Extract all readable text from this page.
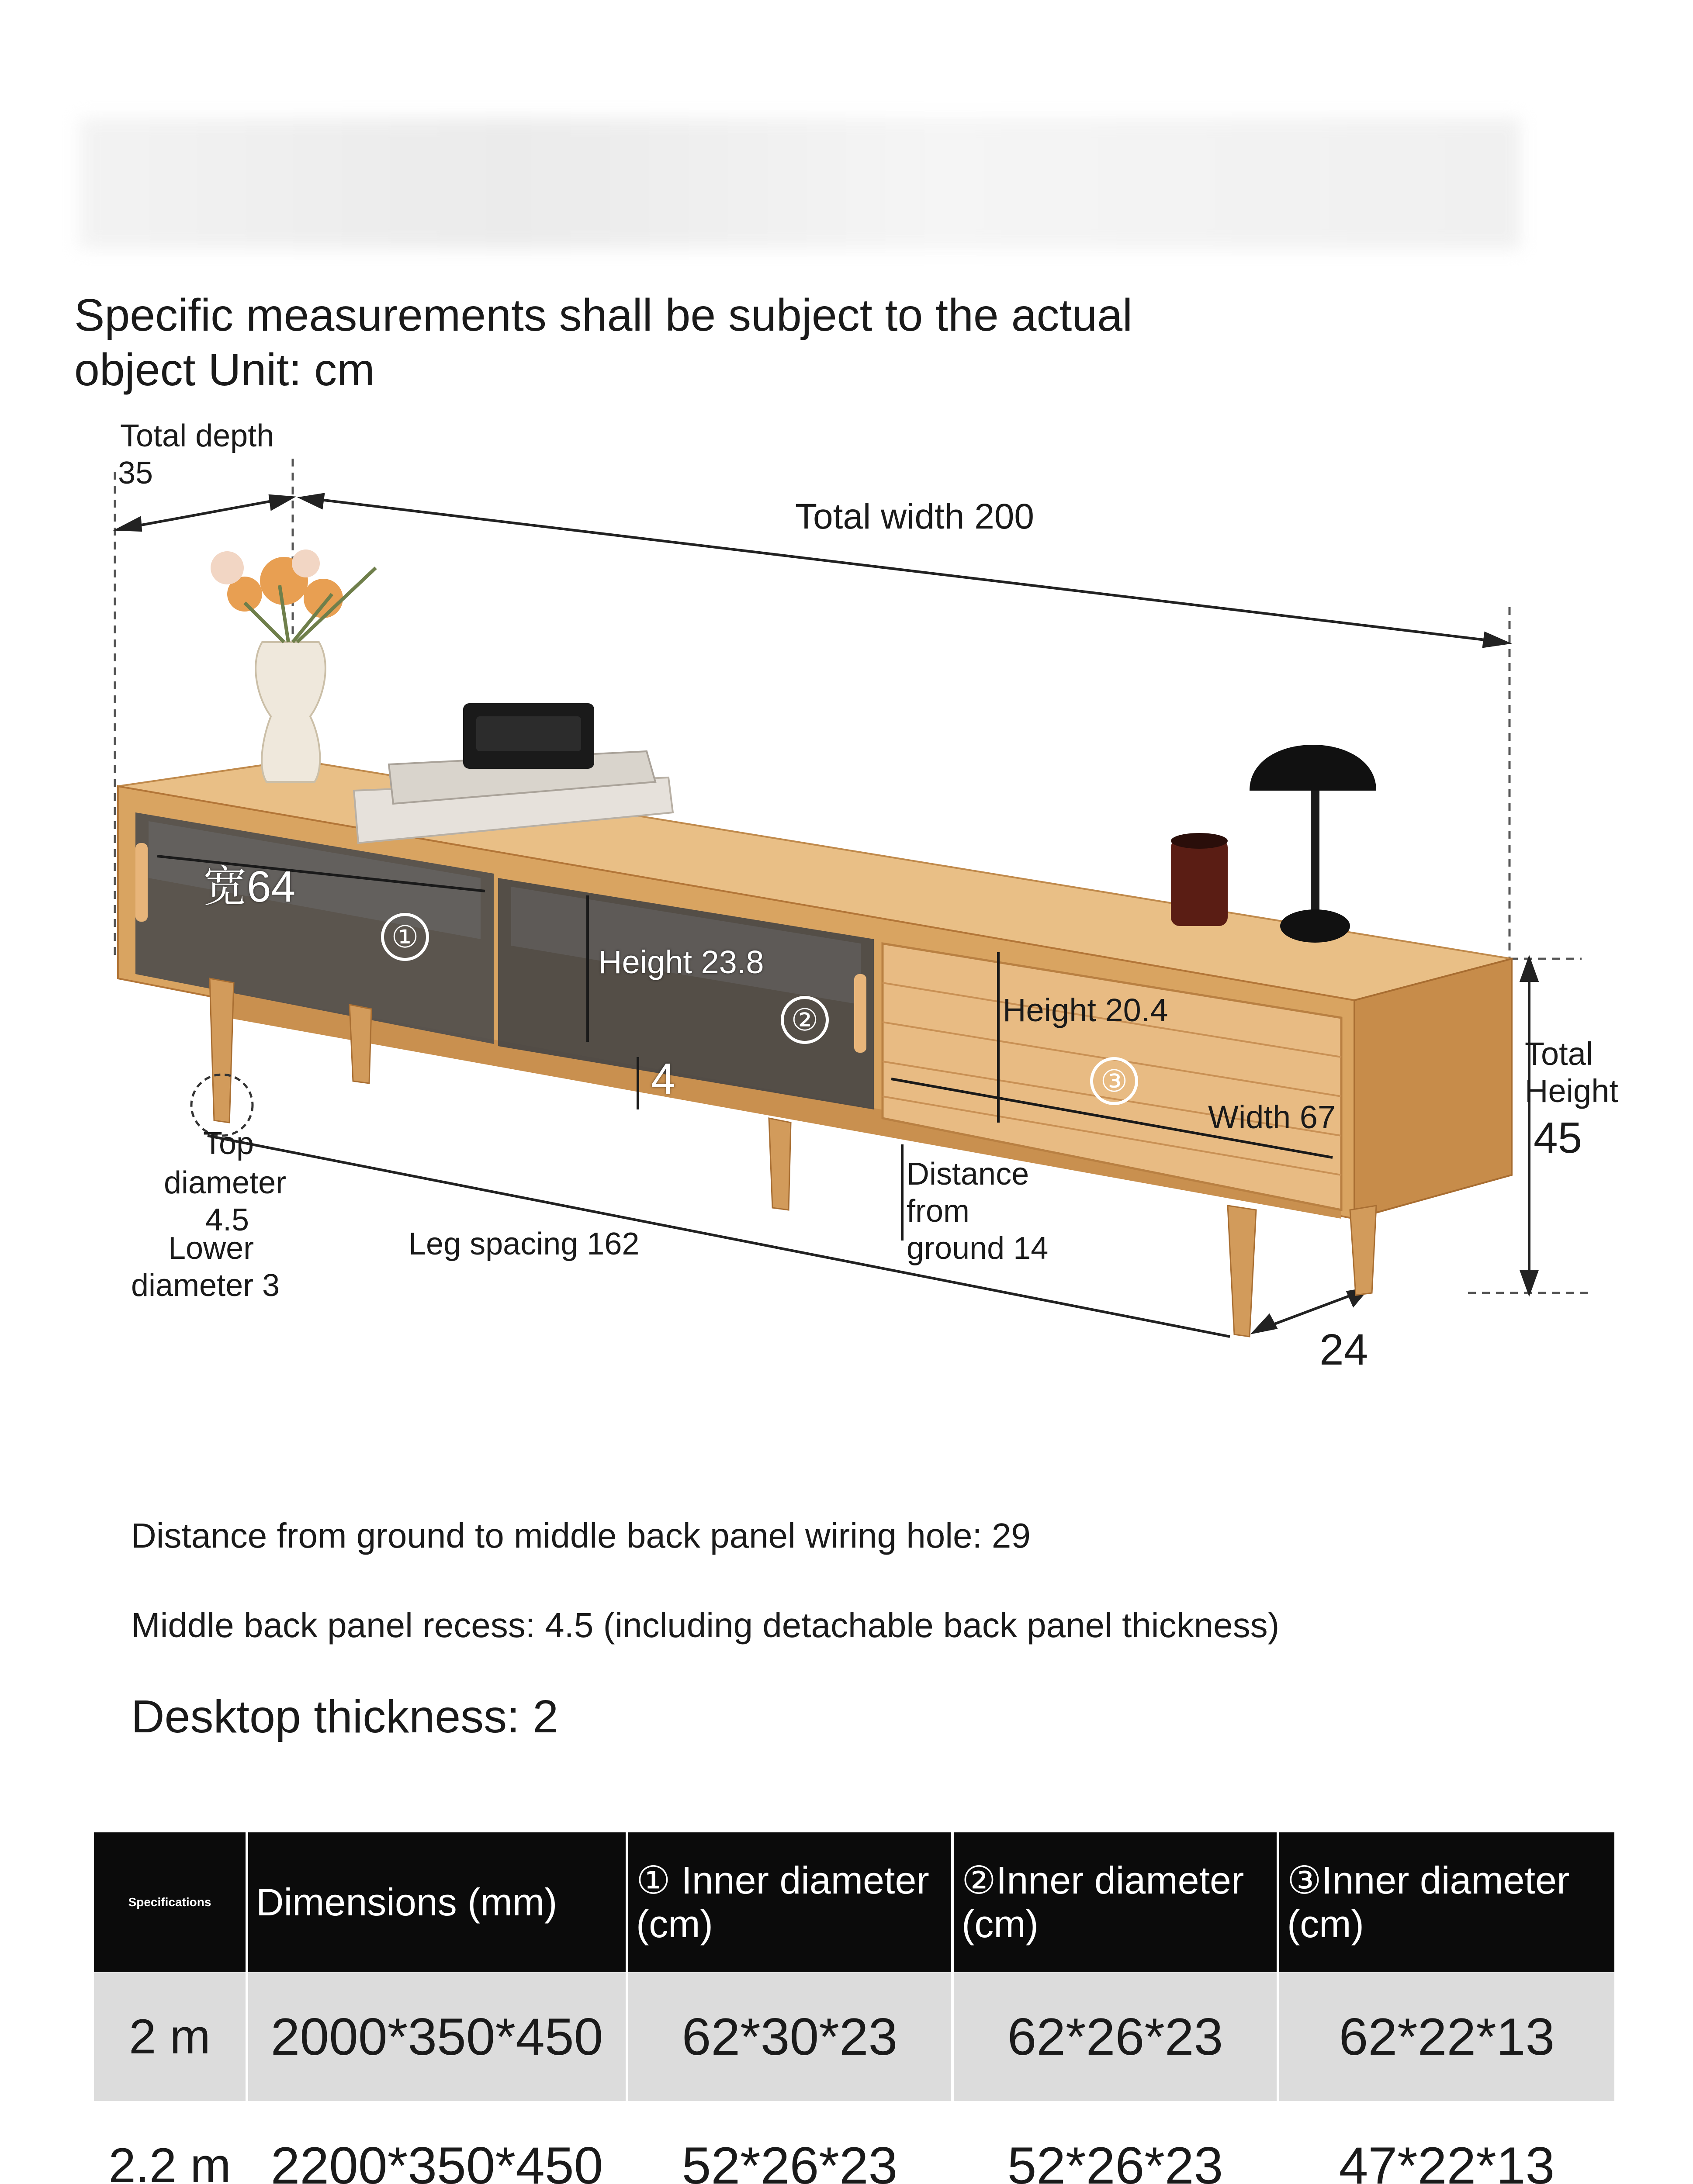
Specific measurements shall be subject to the actual
object Unit: cm
Total depth
35
Total width 200
宽64
①
Height 23.8
②
4
Height 20.4
③
Width 67
Total
Height
45
Top
diameter
4.5
Lower
diameter 3
Leg spacing 162
Distance
from
ground 14
24
Distance from ground to middle back panel wiring hole: 29
Middle back panel recess: 4.5 (including detachable back panel thickness)
Desktop thickness: 2
Specifications	Dimensions (mm)	① Inner diameter (cm)	②Inner diameter (cm)	③Inner diameter (cm)
2 m	2000*350*450	62*30*23	62*26*23	62*22*13
2.2 m	2200*350*450	52*26*23	52*26*23	47*22*13
